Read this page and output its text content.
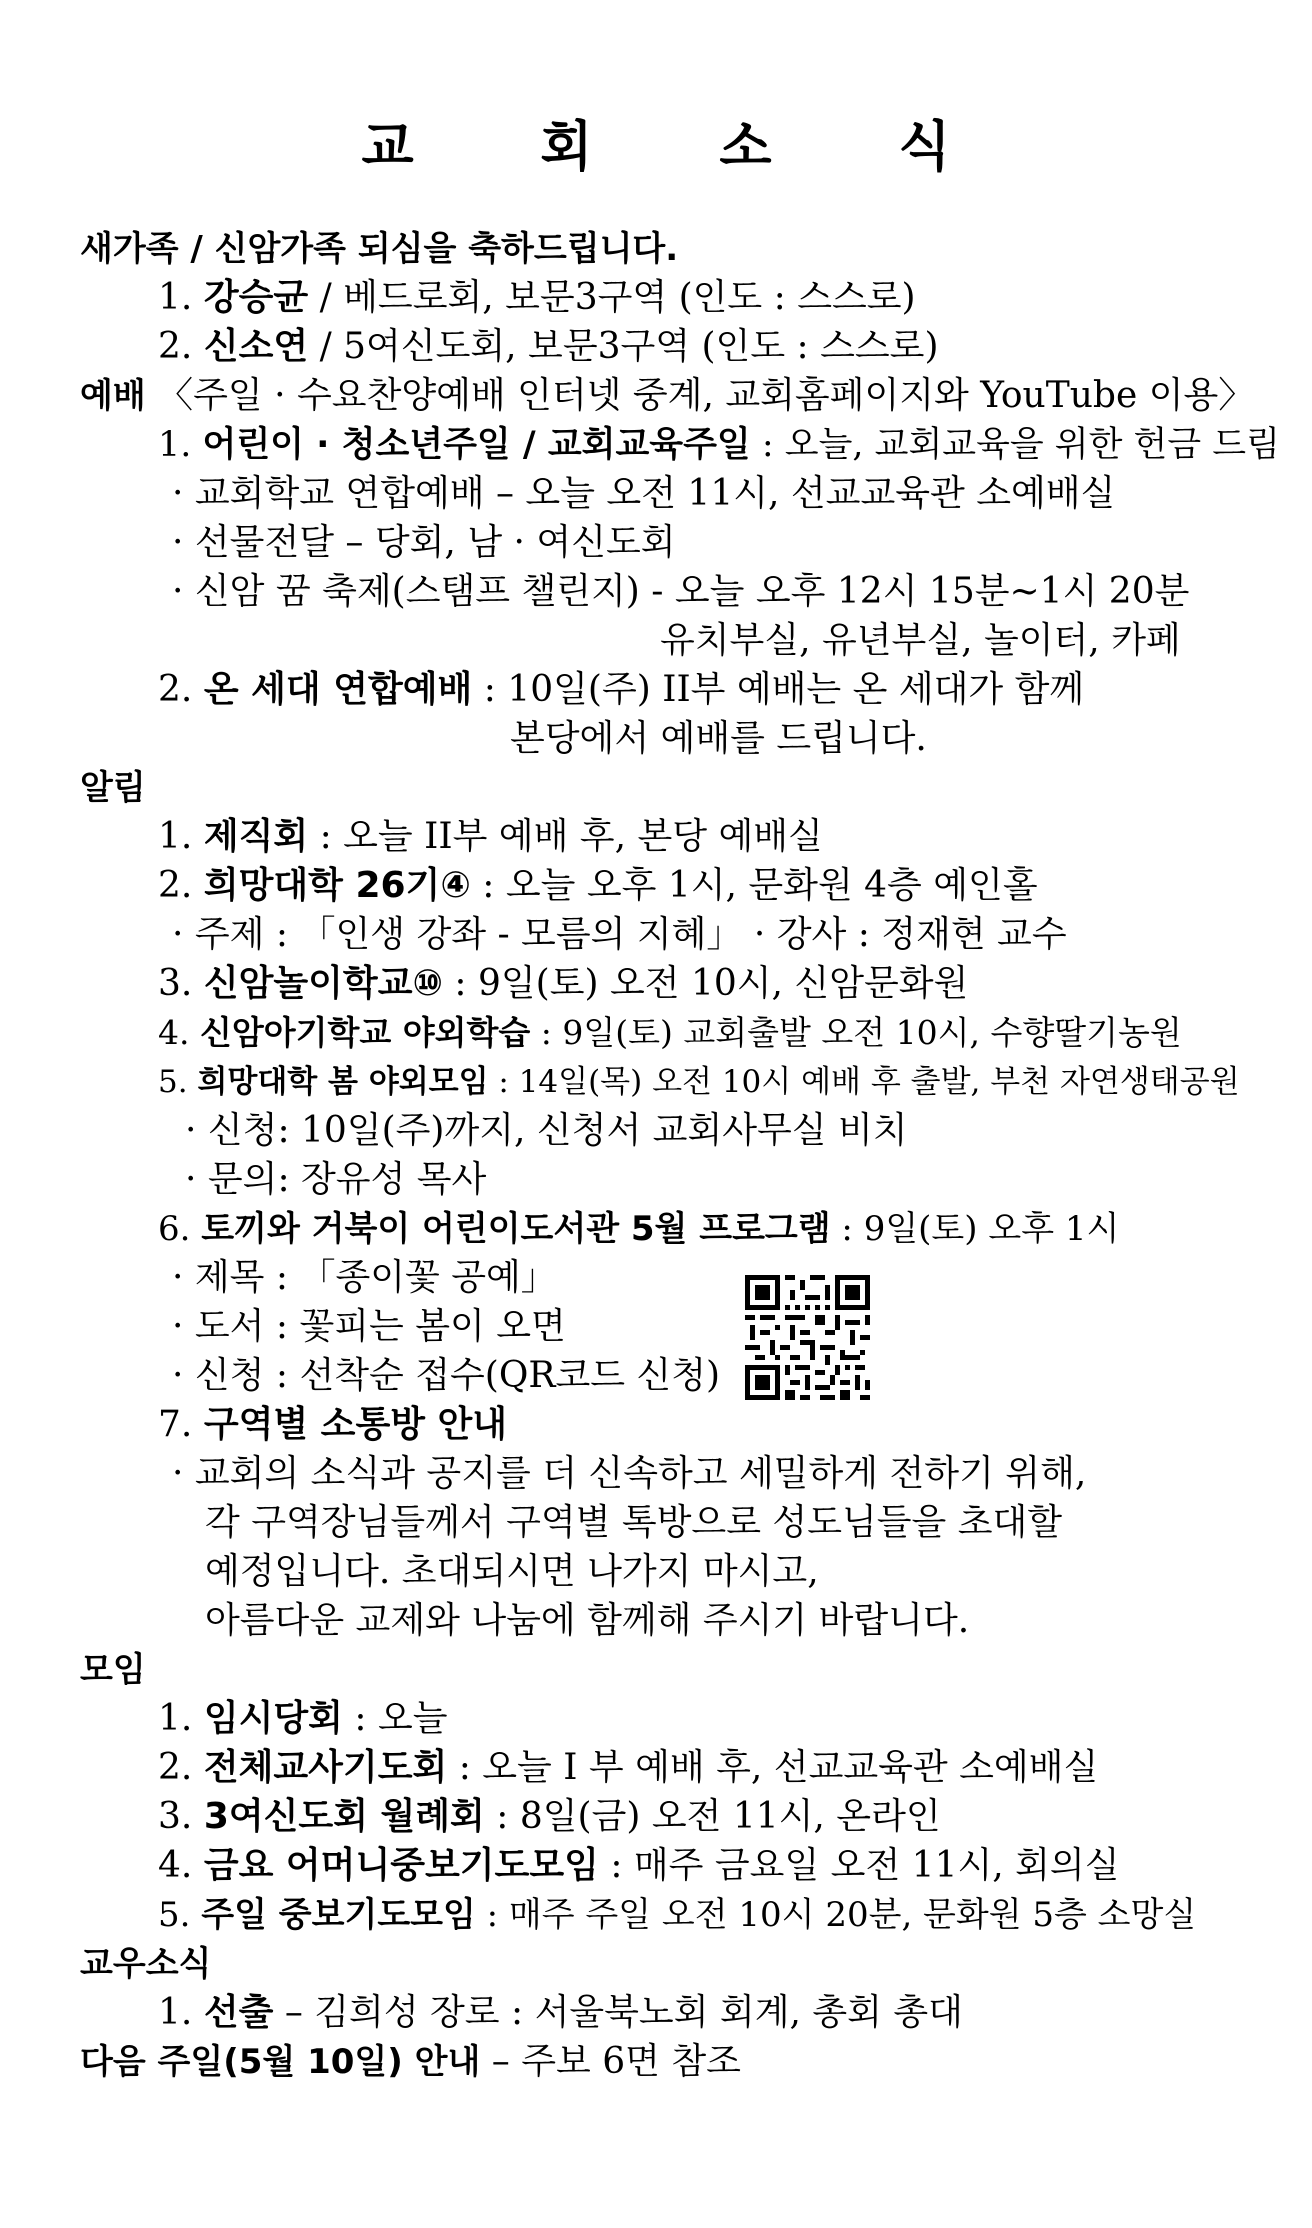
교 회 소 식
새가족 / 신암가족 되심을 축하드립니다.
1. 강승균 / 베드로회, 보문3구역 (인도 : 스스로)
2. 신소연 / 5여신도회, 보문3구역 (인도 : 스스로)
예배 〈주일 · 수요찬양예배 인터넷 중계, 교회홈페이지와 YouTube 이용〉
1. 어린이 · 청소년주일 / 교회교육주일 : 오늘, 교회교육을 위한 헌금 드림
· 교회학교 연합예배 – 오늘 오전 11시, 선교교육관 소예배실
· 선물전달 – 당회, 남 · 여신도회
· 신암 꿈 축제(스탬프 챌린지) - 오늘 오후 12시 15분~1시 20분
유치부실, 유년부실, 놀이터, 카페
2. 온 세대 연합예배 : 10일(주) II부 예배는 온 세대가 함께
본당에서 예배를 드립니다.
알림
1. 제직회 : 오늘 II부 예배 후, 본당 예배실
2. 희망대학 26기④ : 오늘 오후 1시, 문화원 4층 예인홀
· 주제 : 「인생 강좌 - 모름의 지혜」 · 강사 : 정재현 교수
3. 신암놀이학교⑩ : 9일(토) 오전 10시, 신암문화원
4. 신암아기학교 야외학습 : 9일(토) 교회출발 오전 10시, 수향딸기농원
5. 희망대학 봄 야외모임 : 14일(목) 오전 10시 예배 후 출발, 부천 자연생태공원
· 신청: 10일(주)까지, 신청서 교회사무실 비치
· 문의: 장유성 목사
6. 토끼와 거북이 어린이도서관 5월 프로그램 : 9일(토) 오후 1시
· 제목 : 「종이꽃 공예」
· 도서 : 꽃피는 봄이 오면
· 신청 : 선착순 접수(QR코드 신청)
7. 구역별 소통방 안내
· 교회의 소식과 공지를 더 신속하고 세밀하게 전하기 위해,
각 구역장님들께서 구역별 톡방으로 성도님들을 초대할
예정입니다. 초대되시면 나가지 마시고,
아름다운 교제와 나눔에 함께해 주시기 바랍니다.
모임
1. 임시당회 : 오늘
2. 전체교사기도회 : 오늘 I 부 예배 후, 선교교육관 소예배실
3. 3여신도회 월례회 : 8일(금) 오전 11시, 온라인
4. 금요 어머니중보기도모임 : 매주 금요일 오전 11시, 회의실
5. 주일 중보기도모임 : 매주 주일 오전 10시 20분, 문화원 5층 소망실
교우소식
1. 선출 – 김희성 장로 : 서울북노회 회계, 총회 총대
다음 주일(5월 10일) 안내 – 주보 6면 참조
